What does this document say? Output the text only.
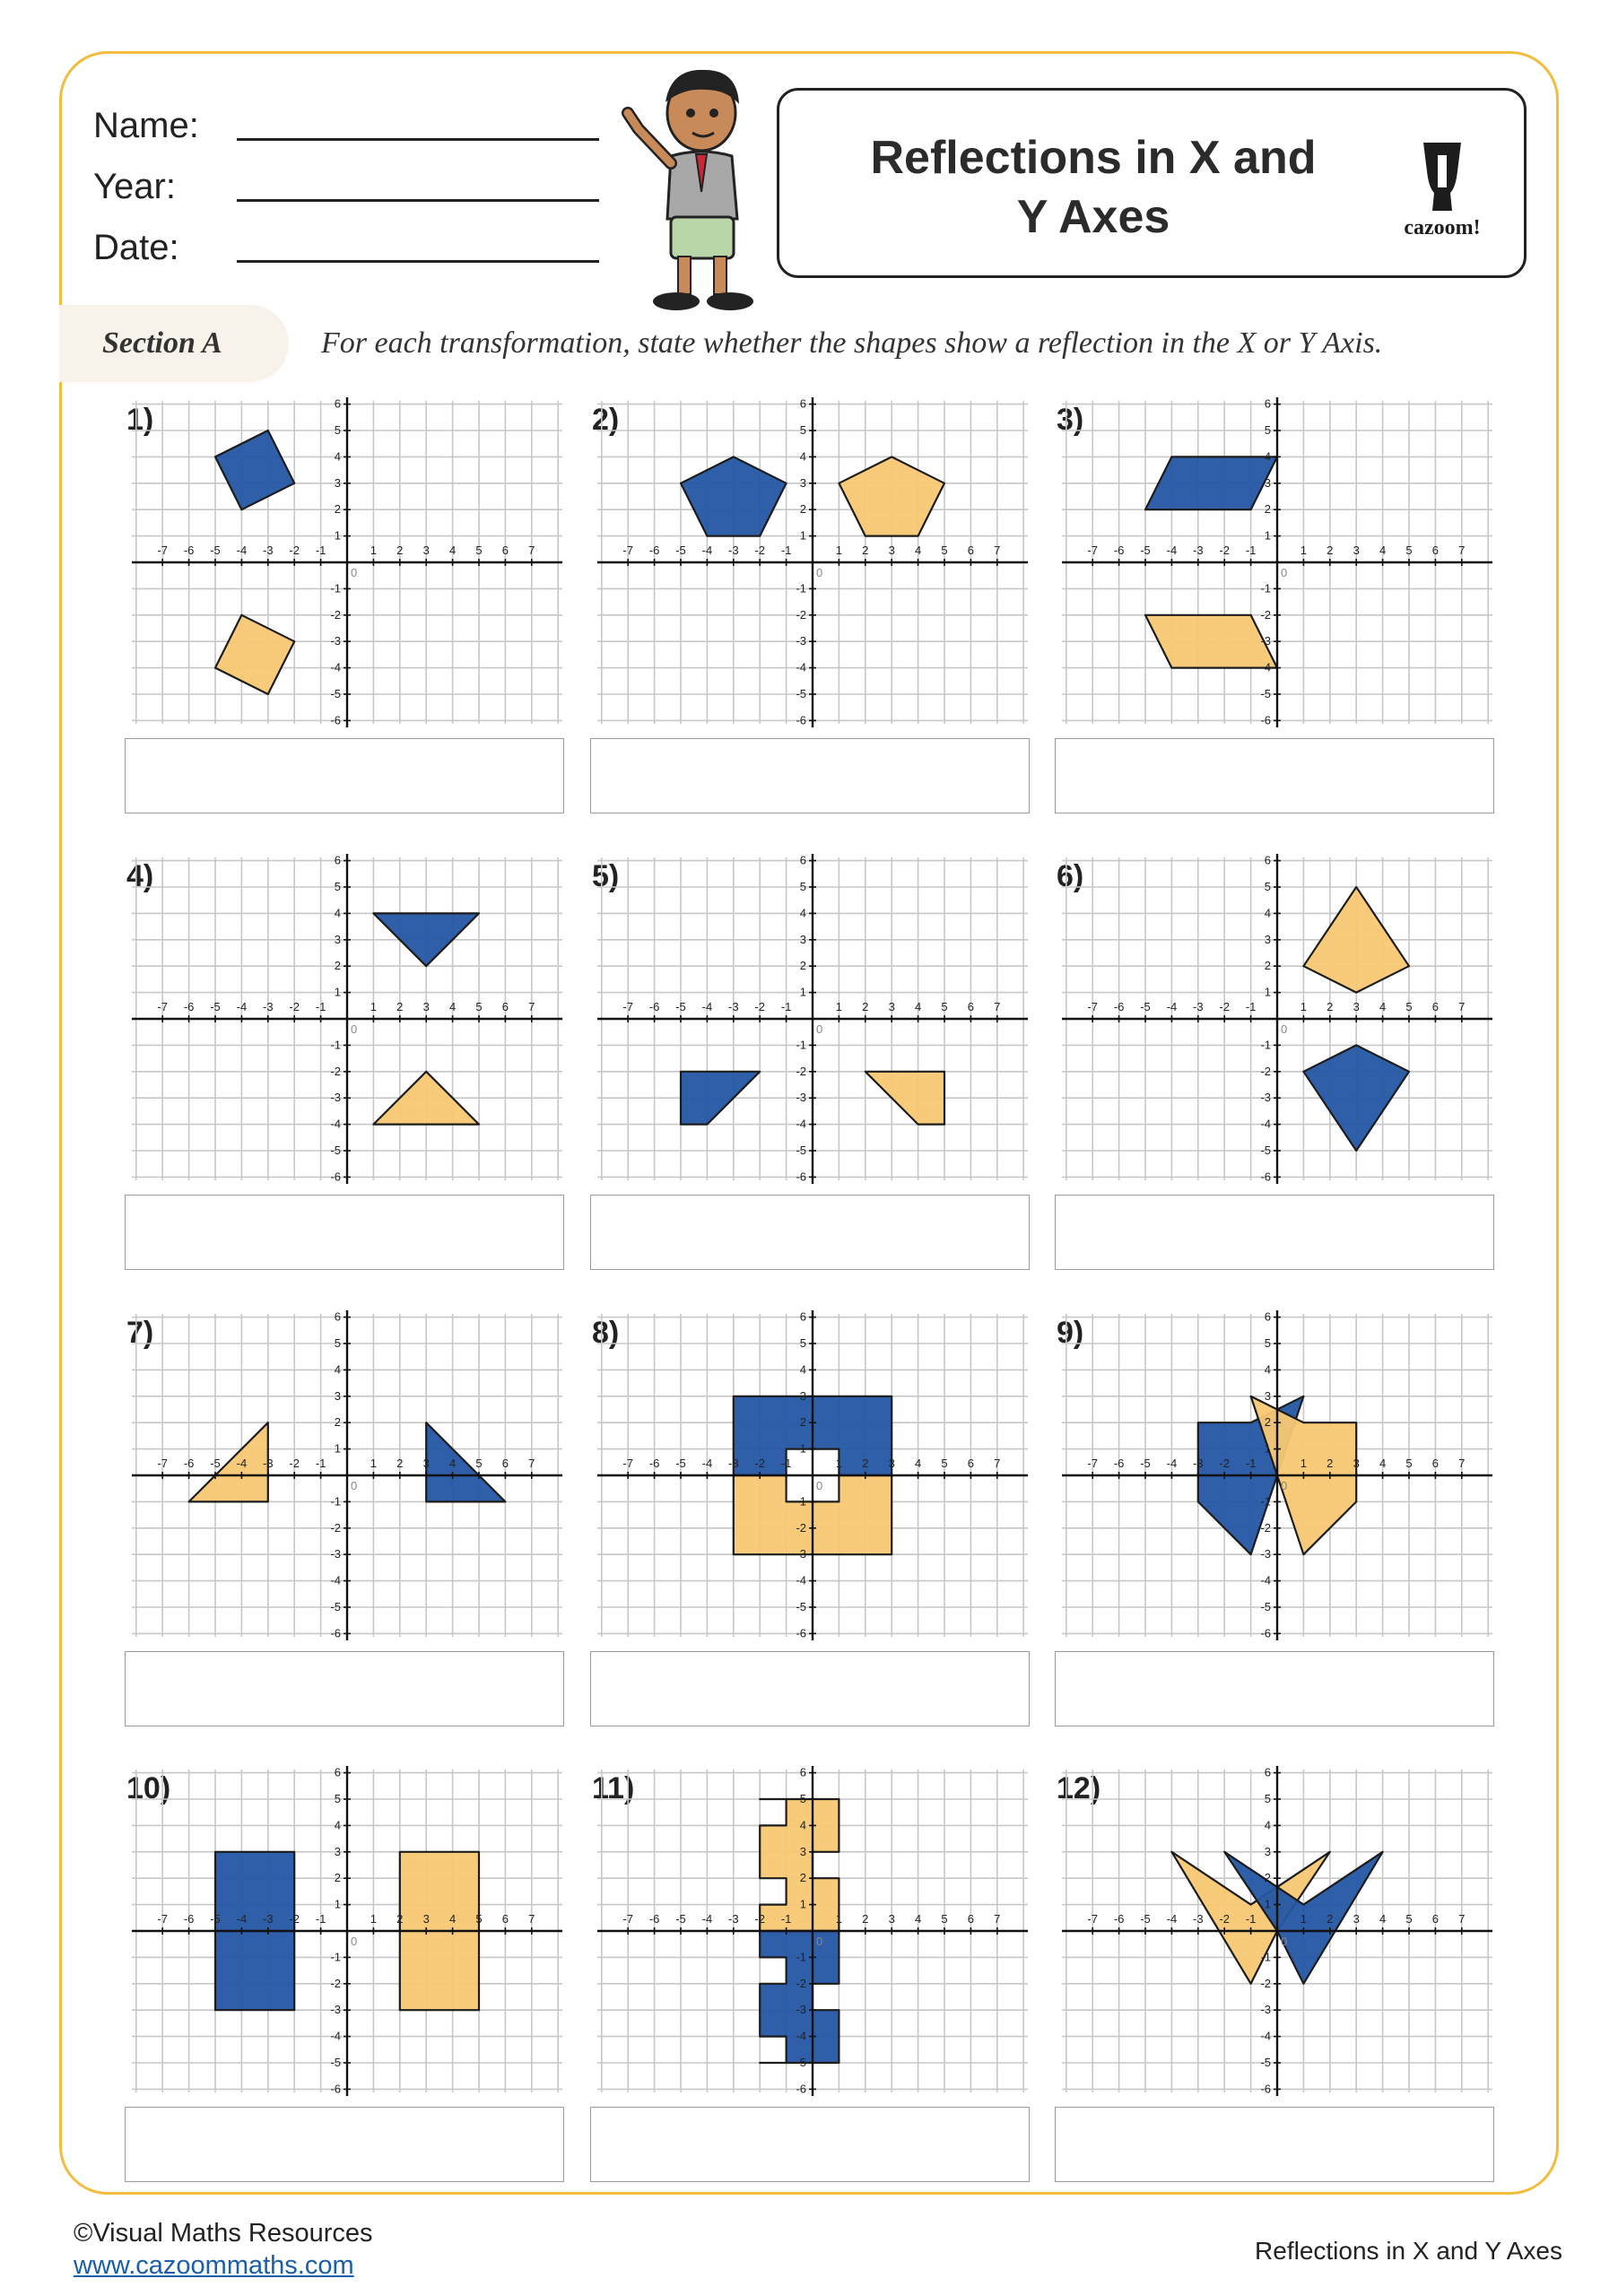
Name:
Year:
Date:
Reflections in X and
Y Axes	cazoom!
Section A	For each transformation, state whether the shapes show a reflection in the X or Y Axis.
1)
-7 -6 -5 -4 -3 -2 -1	1 2 3 4 5 6 7
6
5
4
3
2
1
-1
-2
-3
-4
-5
-6
0
2)
-7 -6 -5 -4 -3 -2 -1	1 2 3 4 5 6 7
6
5
4
3
2
1
-1
-2
-3
-4
-5
-6
0
3)
-7 -6 -5 -4 -3 -2 -1	1 2 3 4 5 6 7
6
5
4
3
2
1
-1
-2
-3
-4
-5
-6
0
4)
-7 -6 -5 -4 -3 -2 -1	1 2 3 4 5 6 7
6
5
4
3
2
1
-1
-2
-3
-4
-5
-6
0
5)
-7 -6 -5 -4 -3 -2 -1	1 2 3 4 5 6 7
6
5
4
3
2
1
-1
-2
-3
-4
-5
-6
0
6)
-7 -6 -5 -4 -3 -2 -1	1 2 3 4 5 6 7
6
5
4
3
2
1
-1
-2
-3
-4
-5
-6
0
7)
-7 -6 -5 -4 -3 -2 -1	1 2 3 4 5 6 7
6
5
4
3
2
1
-1
-2
-3
-4
-5
-6
0
8)
-7 -6 -5 -4 -3 -2 -1	1 2 3 4 5 6 7
6
5
4
3
2
1
-1
-2
-3
-4
-5
-6
0
9)
-7 -6 -5 -4 -3 -2 -1	1 2 3 4 5 6 7
6
5
4
3
2
1
-1
-2
-3
-4
-5
-6
0
10)
-7 -6 -5 -4 -3 -2 -1	1 2 3 4 5 6 7
6
5
4
3
2
1
-1
-2
-3
-4
-5
-6
0
11)
-7 -6 -5 -4 -3 -2 -1	1 2 3 4 5 6 7
6
5
4
3
2
1
-1
-2
-3
-4
-5
-6
0
12)
-7 -6 -5 -4 -3 -2 -1	1 2 3 4 5 6 7
6
5
4
3
2
1
-1
-2
-3
-4
-5
-6
0
©Visual Maths Resources
www.cazoommaths.com
Reflections in X and Y Axes
